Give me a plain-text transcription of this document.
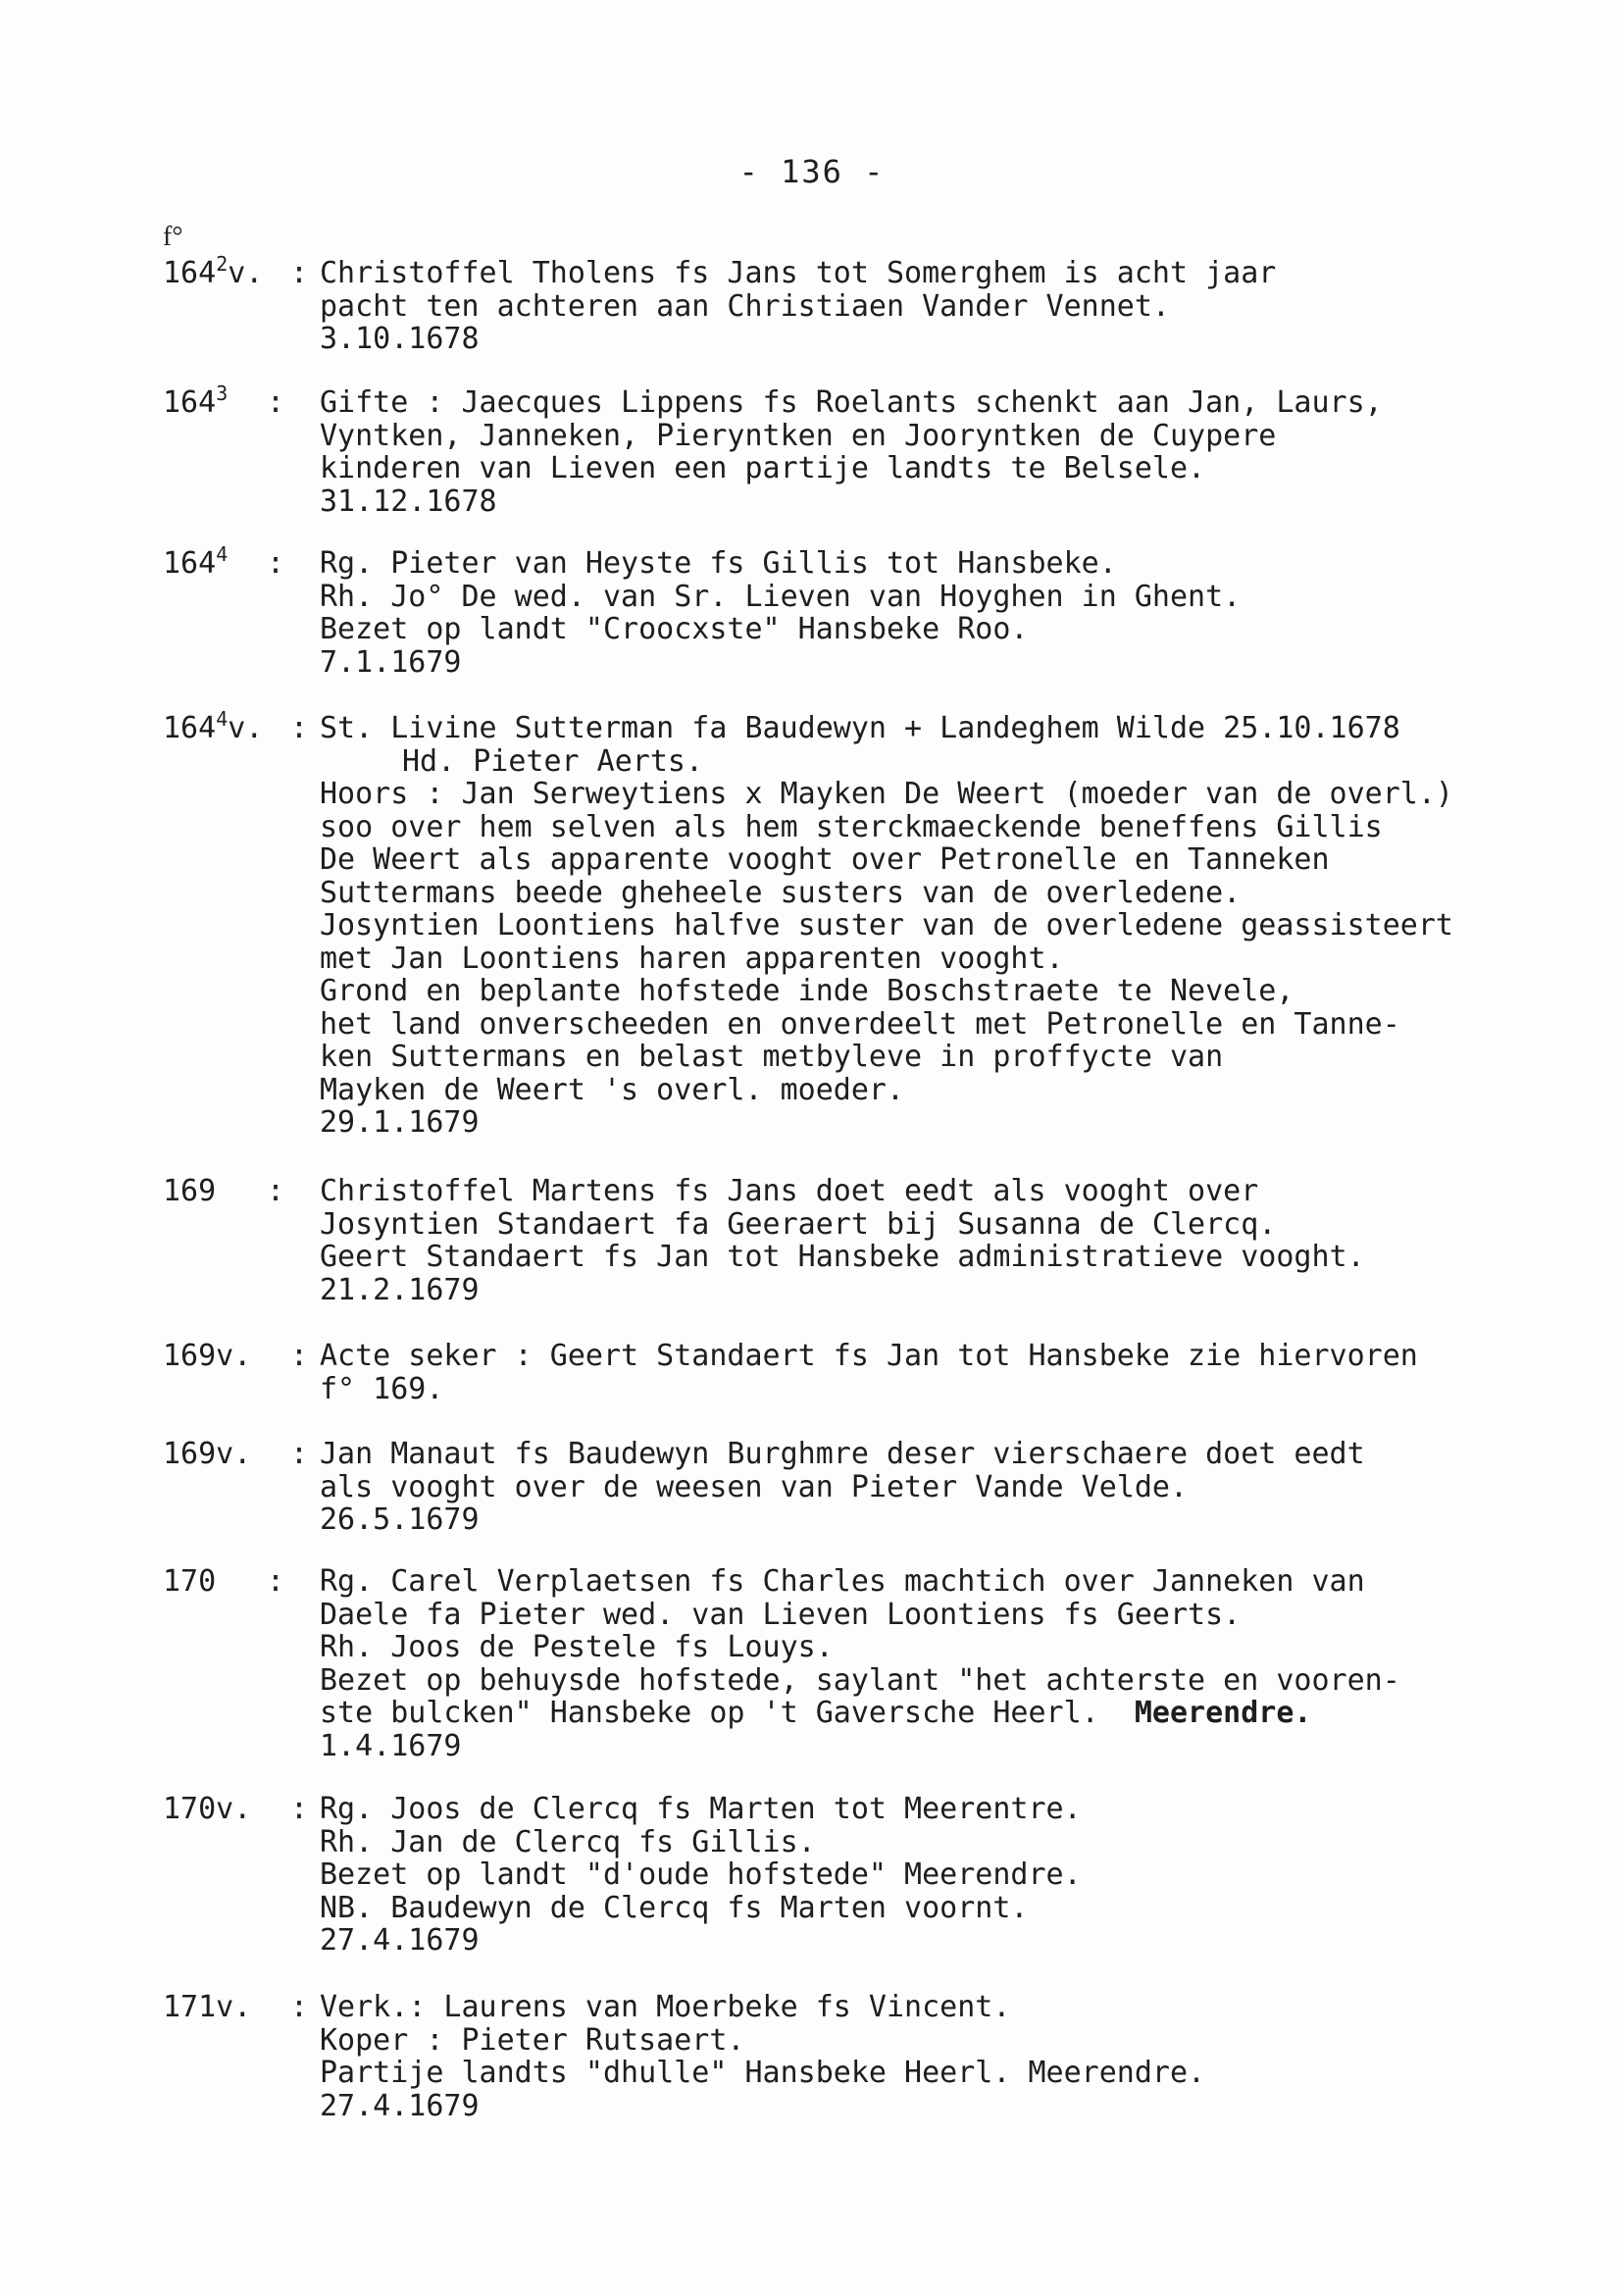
- 136 -
f°
$164^2v$. : Christoffel Tholens fs Jans tot Somerghem is acht jaar
pacht ten achteren aan Christiaen Vander Vennet.
3.10.1678
$164^3$	: Gifte : Jaecques Lippens fs Roelants schenkt aan Jan, Laurs,
Vyntken, Janneken, Pieryntken en Jooryntken de Cuypere
kinderen van Lieven een partije landts te Belsele.
31.12.1678
$164^4$	: Rg. Pieter van Heyste fs Gillis tot Hansbeke.
Rh. Jo° De wed. van Sr. Lieven van Hoyghen in Ghent.
Bezet op landt "Croocxste" Hansbeke Roo.
7.1.1679
$164^4v$. : St. Livine Sutterman fa Baudewyn + Landeghem Wilde 25.10.1678
Hd. Pieter Aerts.
Hoors : Jan Serweytiens x Mayken De Weert (moeder van de overl.)
soo over hem selven als hem sterckmaeckende beneffens Gillis
De Weert als apparente vooght over Petronelle en Tanneken
Suttermans beede gheheele susters van de overledene.
Josyntien Loontiens halfve suster van de overledene geassisteert
met Jan Loontiens haren apparenten vooght.
Grond en beplante hofstede inde Boschstraete te Nevele,
het land onverscheeden en onverdeelt met Petronelle en Tanne-
ken Suttermans en belast metbyleve in proffycte van
Mayken de Weert 's overl. moeder.
29.1.1679
169	: Christoffel Martens fs Jans doet eedt als vooght over
Josyntien Standaert fa Geeraert bij Susanna de Clercq.
Geert Standaert fs Jan tot Hansbeke administratieve vooght.
21.2.1679
169v.	: Acte seker : Geert Standaert fs Jan tot Hansbeke zie hiervoren
f° 169.
169v.	: Jan Manaut fs Baudewyn Burghmre deser vierschaere doet eedt
als vooght over de weesen van Pieter Vande Velde.
26.5.1679
170	: Rg. Carel Verplaetsen fs Charles machtich over Janneken van
Daele fa Pieter wed. van Lieven Loontiens fs Geerts.
Rh. Joos de Pestele fs Louys.
Bezet op behuysde hofstede, saylant "het achterste en vooren-
ste bulcken" Hansbeke op 't Gaversche Heerl. Meerendre.
1.4.1679
170v.	: Rg. Joos de Clercq fs Marten tot Meerentre.
Rh. Jan de Clercq fs Gillis.
Bezet op landt "d'oude hofstede" Meerendre.
NB. Baudewyn de Clercq fs Marten voornt.
27.4.1679
171v.	: Verk.: Laurens van Moerbeke fs Vincent.
Koper : Pieter Rutsaert.
Partije landts "dhulle" Hansbeke Heerl. Meerendre.
27.4.1679
